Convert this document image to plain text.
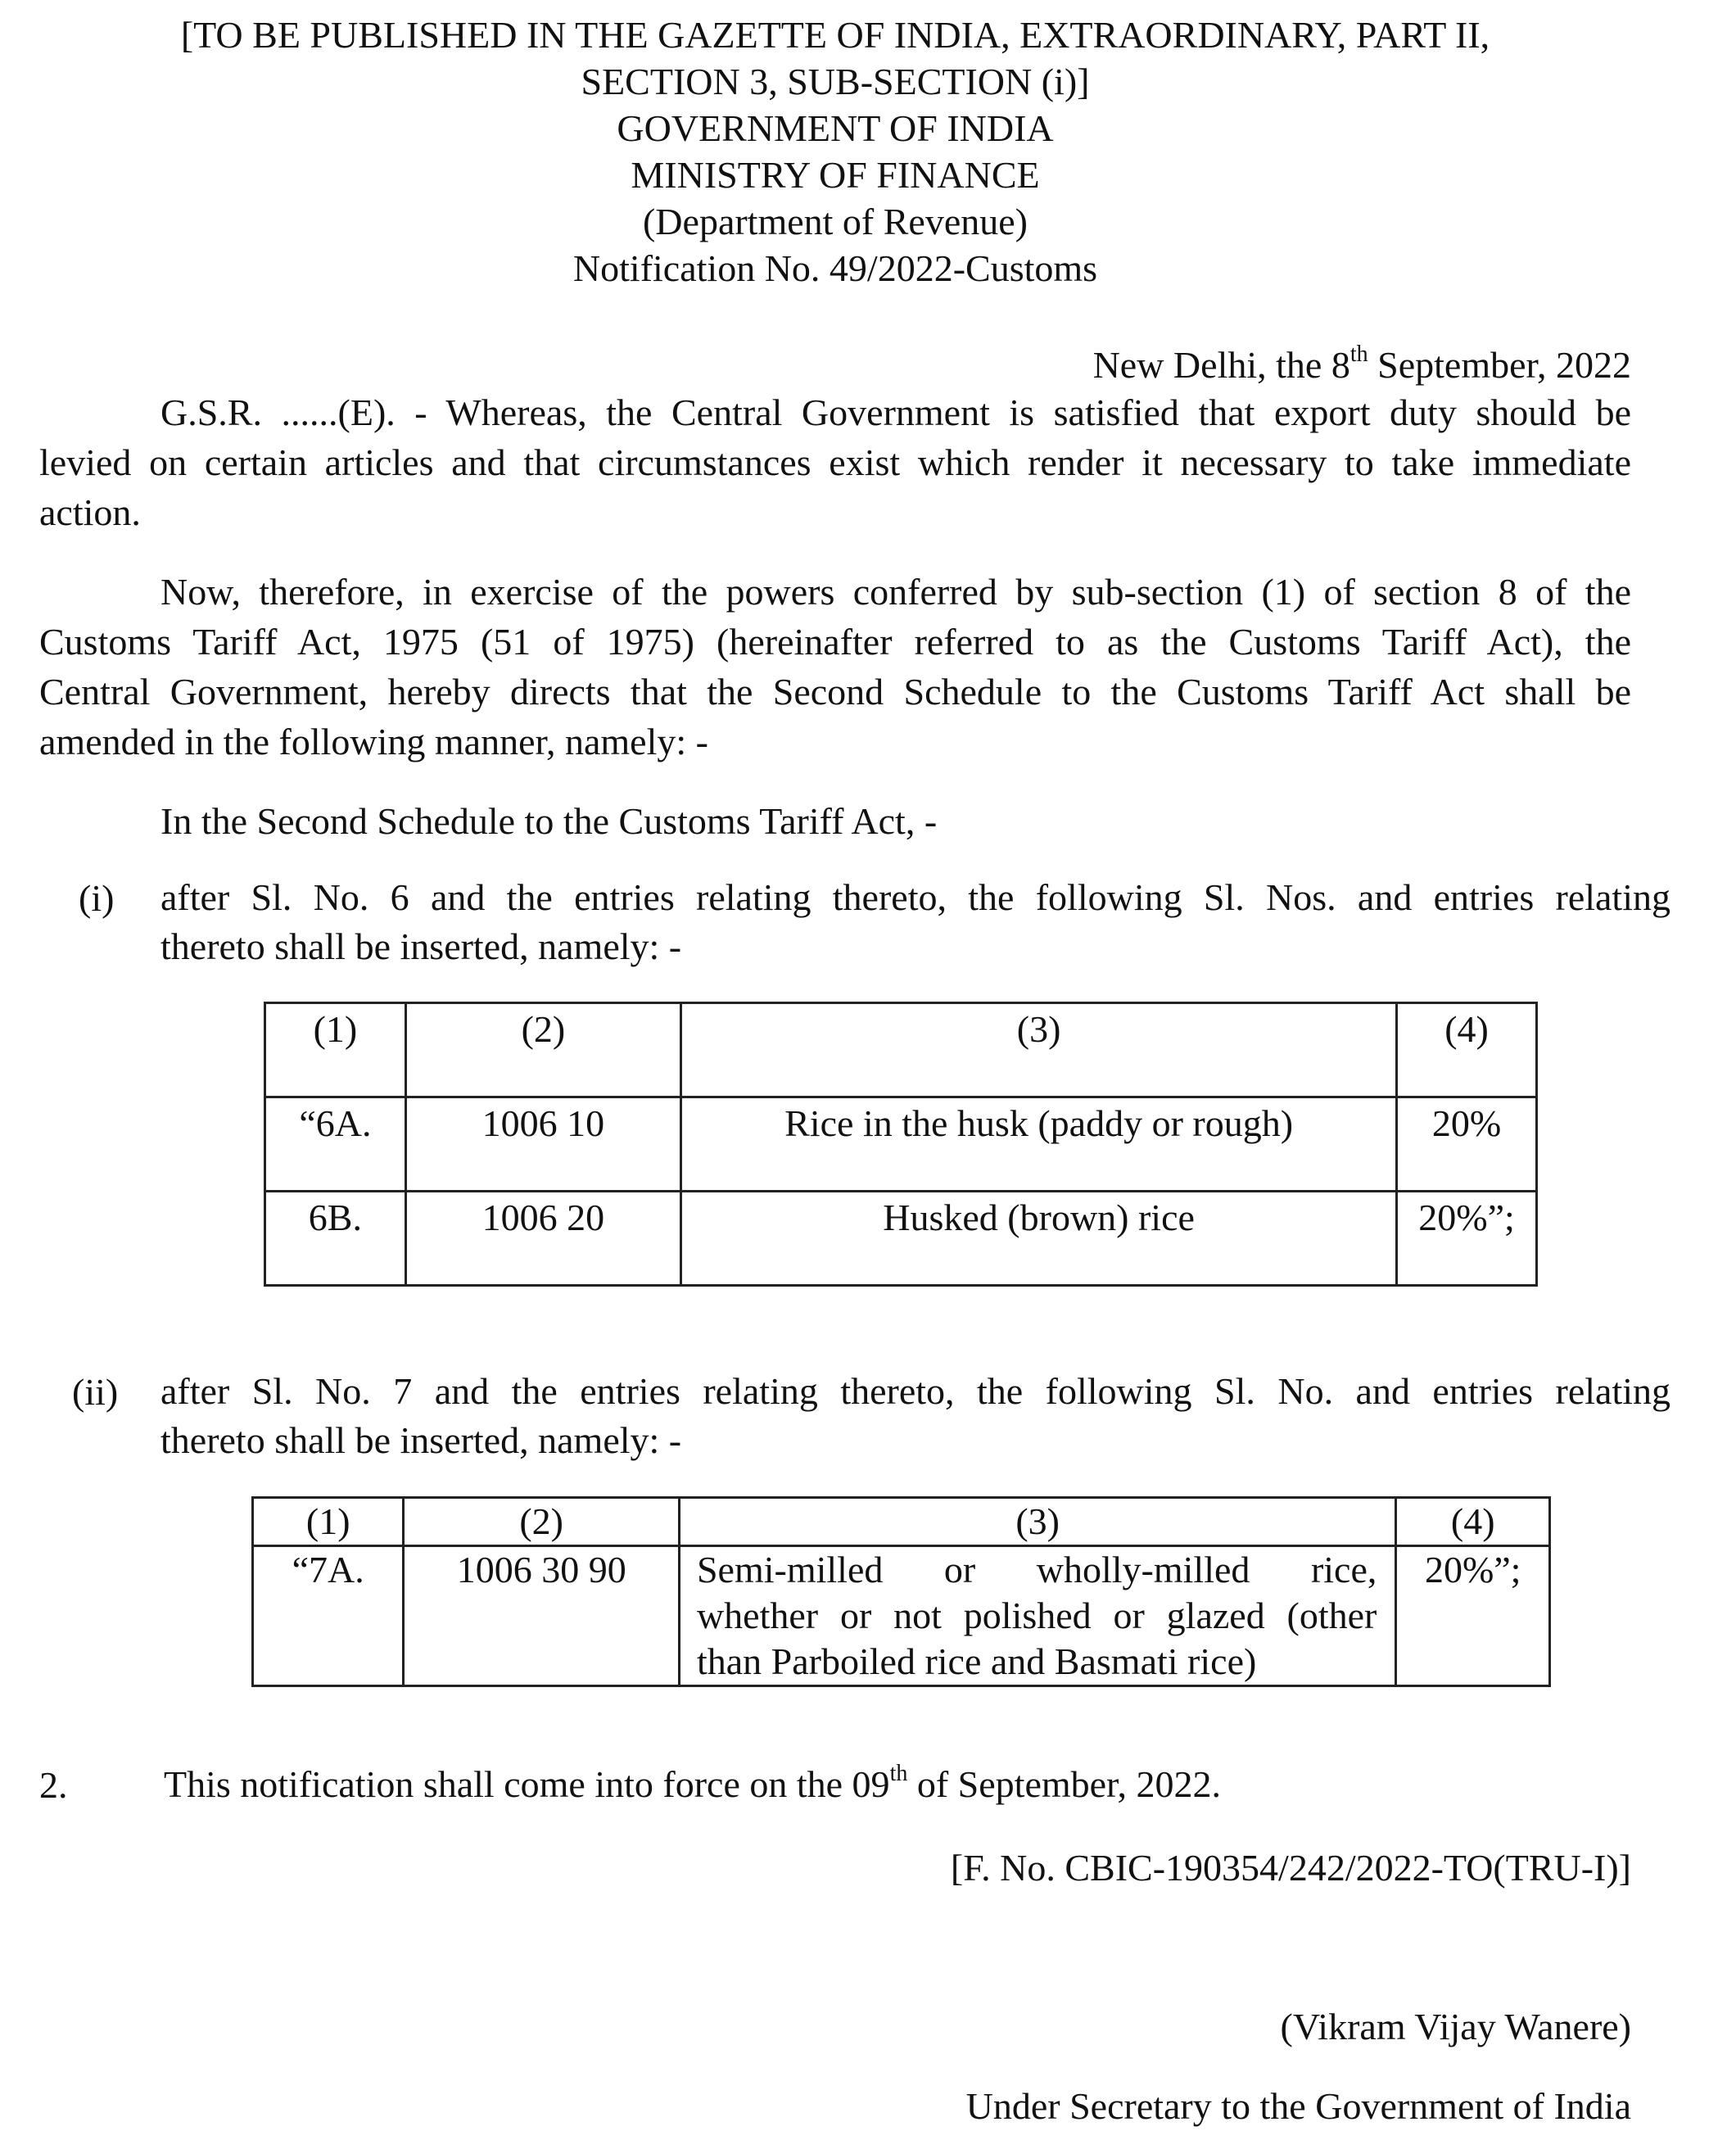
[TO BE PUBLISHED IN THE GAZETTE OF INDIA, EXTRAORDINARY, PART II,
SECTION 3, SUB-SECTION (i)]
GOVERNMENT OF INDIA
MINISTRY OF FINANCE
(Department of Revenue)
Notification No. 49/2022-Customs
New Delhi, the 8th September, 2022
G.S.R. ......(E). - Whereas, the Central Government is satisfied that export duty should be
levied on certain articles and that circumstances exist which render it necessary to take immediate
action.
Now, therefore, in exercise of the powers conferred by sub-section (1) of section 8 of the
Customs Tariff Act, 1975 (51 of 1975) (hereinafter referred to as the Customs Tariff Act), the
Central Government, hereby directs that the Second Schedule to the Customs Tariff Act shall be
amended in the following manner, namely: -
In the Second Schedule to the Customs Tariff Act, -
(i) after Sl. No. 6 and the entries relating thereto, the following Sl. Nos. and entries relating
thereto shall be inserted, namely: -
(1)	(2)	(3)	(4)
“6A.	1006 10	Rice in the husk (paddy or rough)	20%
6B.	1006 20	Husked (brown) rice	20%”;
(ii) after Sl. No. 7 and the entries relating thereto, the following Sl. No. and entries relating
thereto shall be inserted, namely: -
(1)	(2)	(3)	(4)
“7A.	1006 30 90	Semi-milled or wholly-milled rice,
whether or not polished or glazed (other
than Parboiled rice and Basmati rice)	20%”;
2.	This notification shall come into force on the 09th of September, 2022.
[F. No. CBIC-190354/242/2022-TO(TRU-I)]
(Vikram Vijay Wanere)
Under Secretary to the Government of India
